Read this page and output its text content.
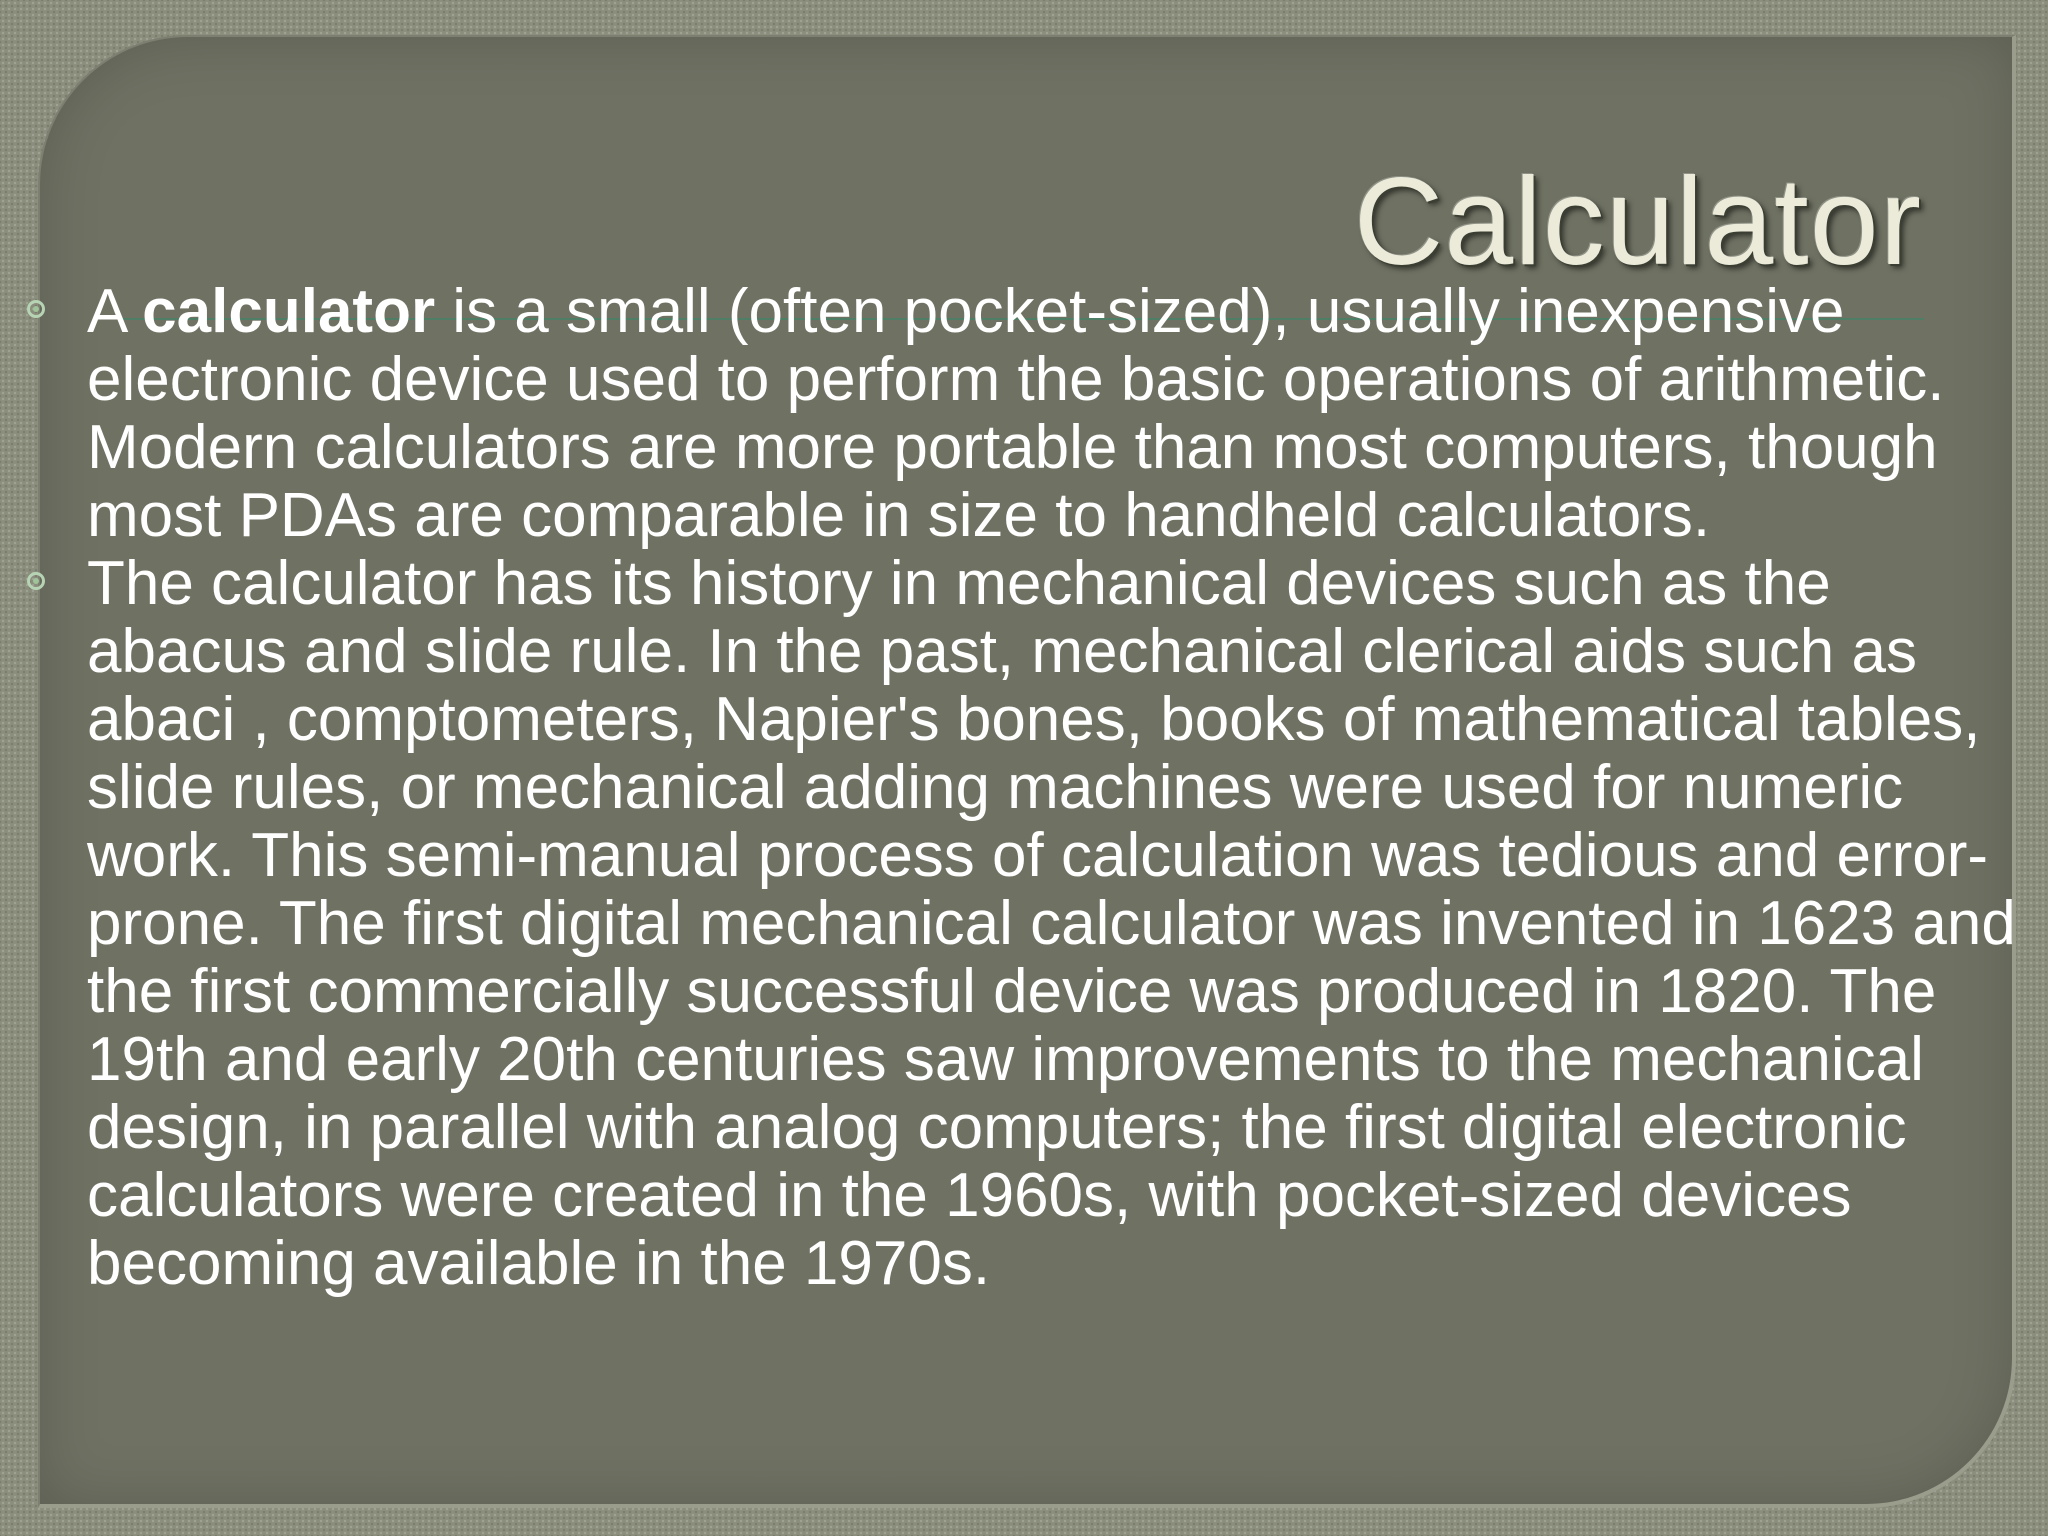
Calculator

A calculator is a small (often pocket-sized), usually inexpensive electronic device used to perform the basic operations of arithmetic. Modern calculators are more portable than most computers, though most PDAs are comparable in size to handheld calculators.

The calculator has its history in mechanical devices such as the abacus and slide rule. In the past, mechanical clerical aids such as abaci , comptometers, Napier's bones, books of mathematical tables, slide rules, or mechanical adding machines were used for numeric work. This semi-manual process of calculation was tedious and error-prone. The first digital mechanical calculator was invented in 1623 and the first commercially successful device was produced in 1820. The 19th and early 20th centuries saw improvements to the mechanical design, in parallel with analog computers; the first digital electronic calculators were created in the 1960s, with pocket-sized devices becoming available in the 1970s.
